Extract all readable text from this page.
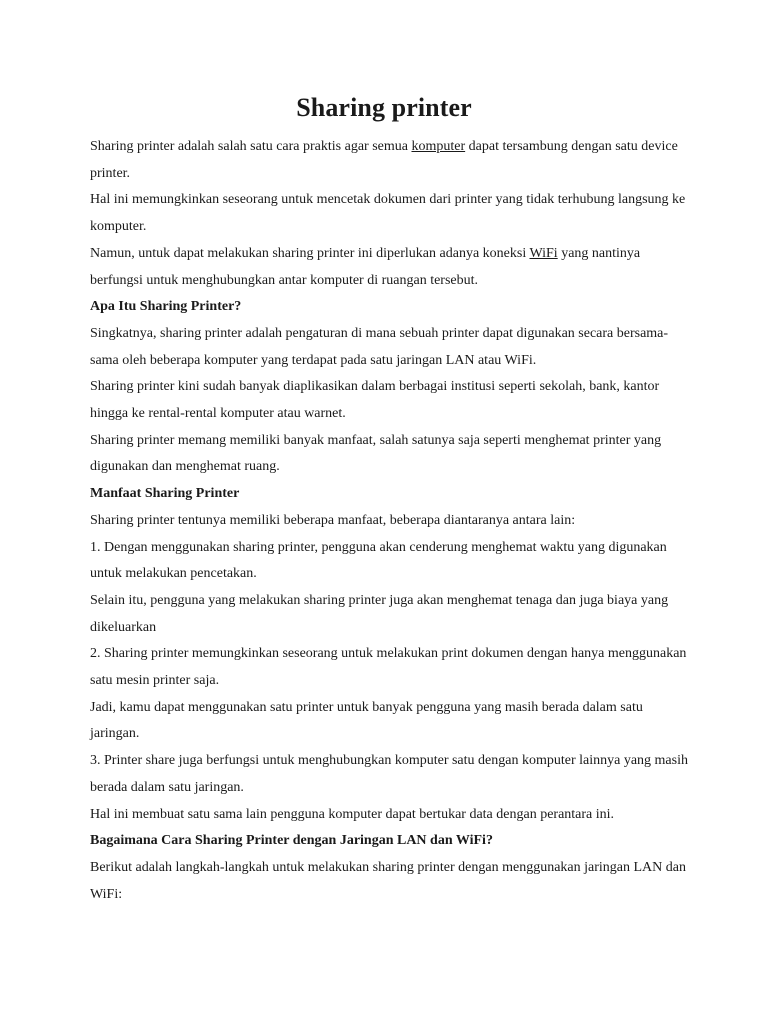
Sharing printer

Sharing printer adalah salah satu cara praktis agar semua komputer dapat tersambung dengan satu device printer.

Hal ini memungkinkan seseorang untuk mencetak dokumen dari printer yang tidak terhubung langsung ke komputer.

Namun, untuk dapat melakukan sharing printer ini diperlukan adanya koneksi WiFi yang nantinya berfungsi untuk menghubungkan antar komputer di ruangan tersebut.

Apa Itu Sharing Printer?

Singkatnya, sharing printer adalah pengaturan di mana sebuah printer dapat digunakan secara bersama-sama oleh beberapa komputer yang terdapat pada satu jaringan LAN atau WiFi.

Sharing printer kini sudah banyak diaplikasikan dalam berbagai institusi seperti sekolah, bank, kantor hingga ke rental-rental komputer atau warnet.

Sharing printer memang memiliki banyak manfaat, salah satunya saja seperti menghemat printer yang digunakan dan menghemat ruang.

Manfaat Sharing Printer

Sharing printer tentunya memiliki beberapa manfaat, beberapa diantaranya antara lain:

1. Dengan menggunakan sharing printer, pengguna akan cenderung menghemat waktu yang digunakan untuk melakukan pencetakan.

Selain itu, pengguna yang melakukan sharing printer juga akan menghemat tenaga dan juga biaya yang dikeluarkan

2. Sharing printer memungkinkan seseorang untuk melakukan print dokumen dengan hanya menggunakan satu mesin printer saja.

Jadi, kamu dapat menggunakan satu printer untuk banyak pengguna yang masih berada dalam satu jaringan.

3. Printer share juga berfungsi untuk menghubungkan komputer satu dengan komputer lainnya yang masih berada dalam satu jaringan.

Hal ini membuat satu sama lain pengguna komputer dapat bertukar data dengan perantara ini.

Bagaimana Cara Sharing Printer dengan Jaringan LAN dan WiFi?

Berikut adalah langkah-langkah untuk melakukan sharing printer dengan menggunakan jaringan LAN dan WiFi:
